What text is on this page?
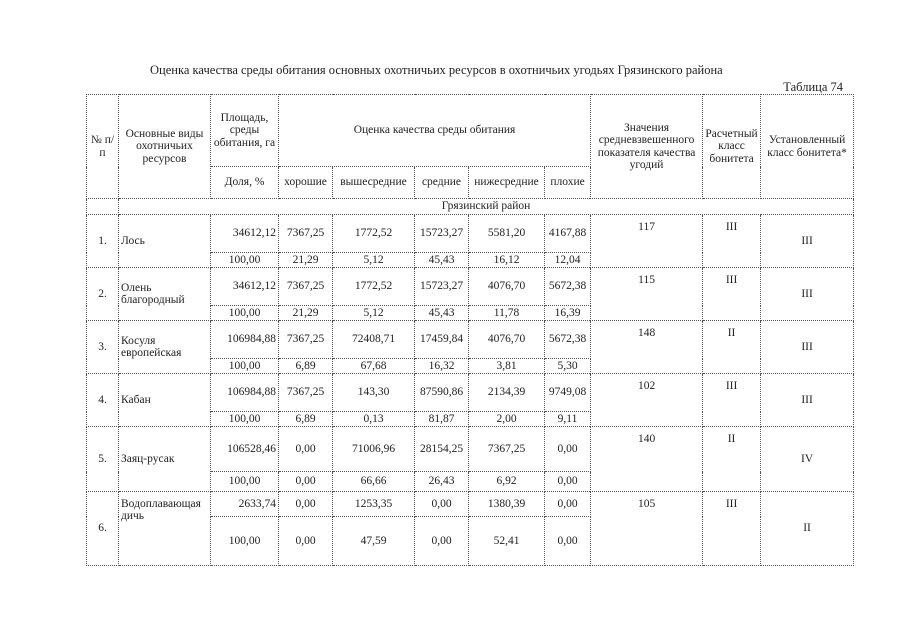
Оценка качества среды обитания основных охотничьих ресурсов в охотничьих угодьях Грязинского района
Таблица 74
№ п/п	Основные виды охотничьих ресурсов	Площадь, среды обитания, га	Оценка качества среды обитания					Значения средневзвешенного показателя качества угодий	Расчетный класс бонитета	Установленный класс бонитета*
		Доля, %	хорошие	вышесредние	средние	нижесредние	плохие			
	Грязинский район									
1.	Лось	34612,12	7367,25	1772,52	15723,27	5581,20	4167,88	117	III	III
		100,00	21,29	5,12	45,43	16,12	12,04			
2.	Олень благородный	34612,12	7367,25	1772,52	15723,27	4076,70	5672,38	115	III	III
		100,00	21,29	5,12	45,43	11,78	16,39			
3.	Косуля европейская	106984,88	7367,25	72408,71	17459,84	4076,70	5672,38	148	II	III
		100,00	6,89	67,68	16,32	3,81	5,30			
4.	Кабан	106984,88	7367,25	143,30	87590,86	2134,39	9749,08	102	III	III
		100,00	6,89	0,13	81,87	2,00	9,11			
5.	Заяц-русак	106528,46	0,00	71006,96	28154,25	7367,25	0,00	140	II	IV
		100,00	0,00	66,66	26,43	6,92	0,00			
6.	Водоплавающая дичь	2633,74	0,00	1253,35	0,00	1380,39	0,00	105	III	II
		100,00	0,00	47,59	0,00	52,41	0,00			
